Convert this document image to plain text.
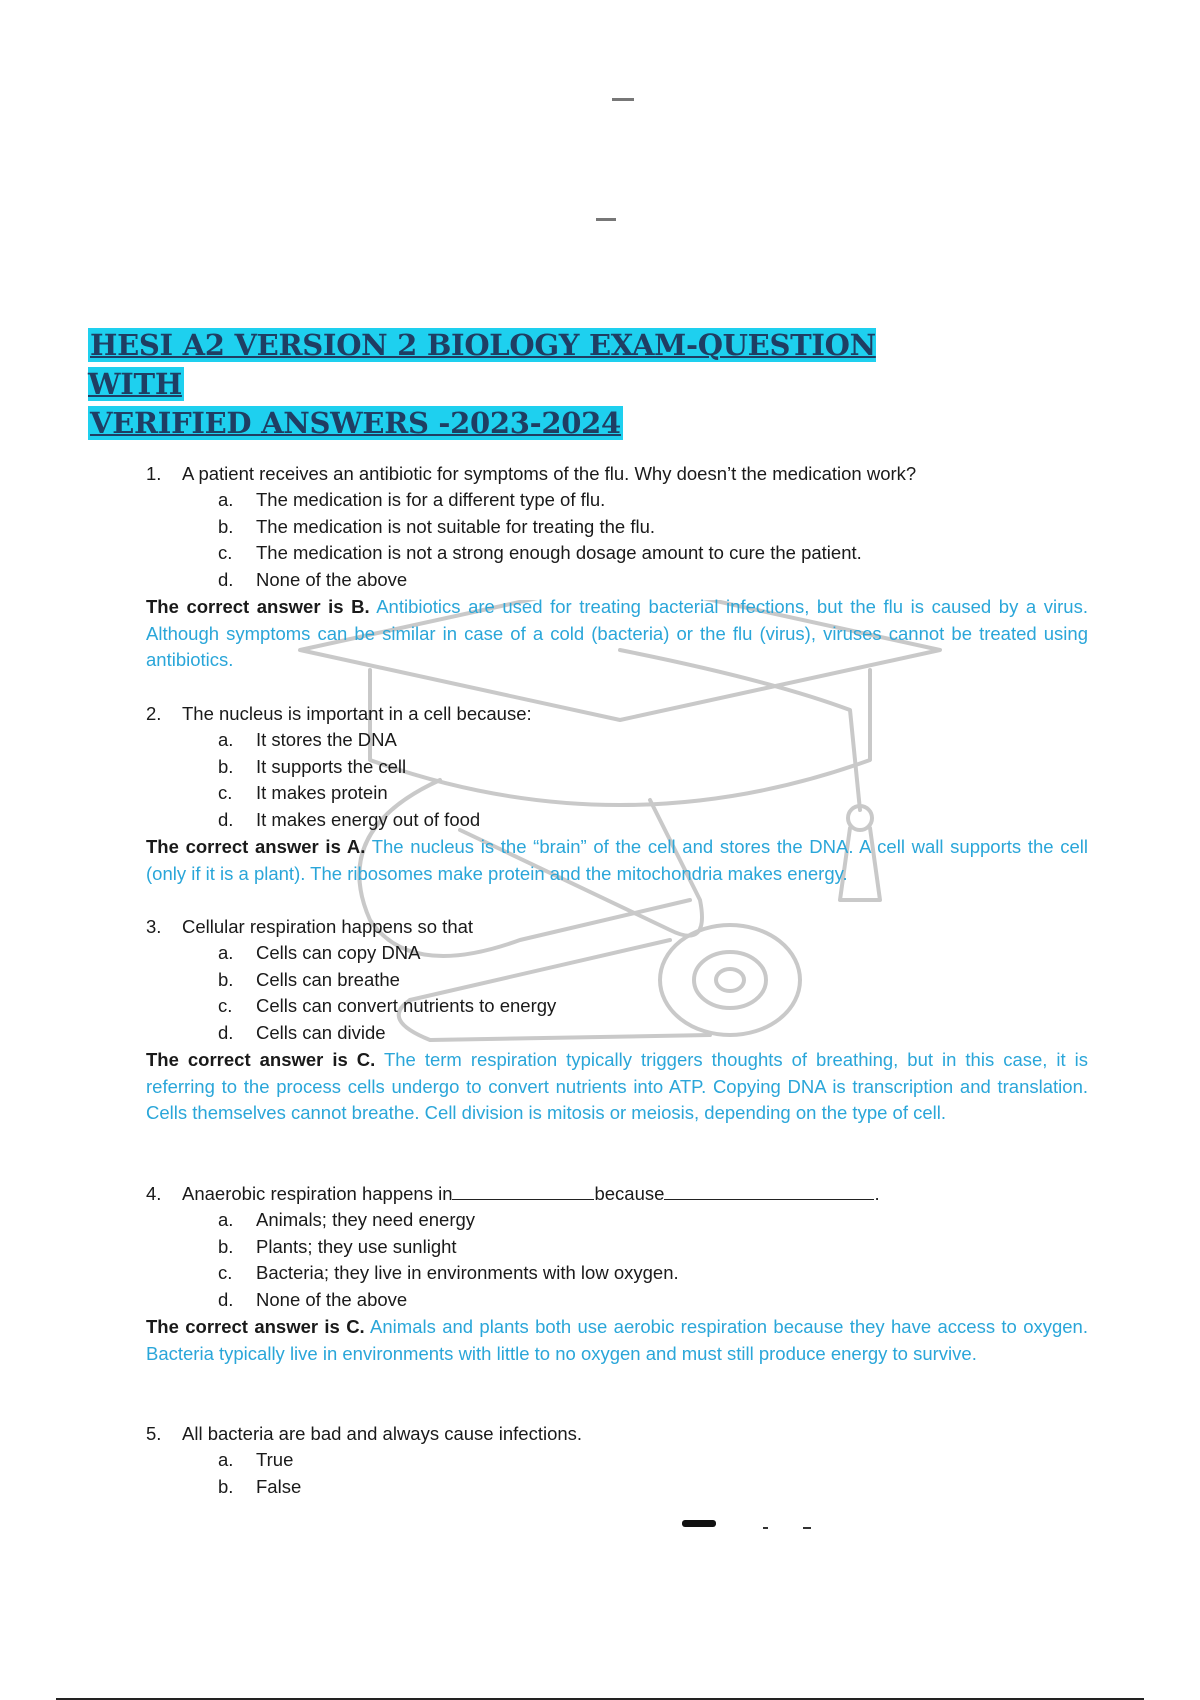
HESI A2 VERSION 2 BIOLOGY EXAM-QUESTION WITH
VERIFIED ANSWERS -2023-2024
1. A patient receives an antibiotic for symptoms of the flu. Why doesn’t the medication work?
a. The medication is for a different type of flu.
b. The medication is not suitable for treating the flu.
c. The medication is not a strong enough dosage amount to cure the patient.
d. None of the above
The correct answer is B. Antibiotics are used for treating bacterial infections, but the flu is caused by a virus. Although symptoms can be similar in case of a cold (bacteria) or the flu (virus), viruses cannot be treated using antibiotics.
2. The nucleus is important in a cell because:
a. It stores the DNA
b. It supports the cell
c. It makes protein
d. It makes energy out of food
The correct answer is A. The nucleus is the “brain” of the cell and stores the DNA. A cell wall supports the cell (only if it is a plant). The ribosomes make protein and the mitochondria makes energy.
3. Cellular respiration happens so that
a. Cells can copy DNA
b. Cells can breathe
c. Cells can convert nutrients to energy
d. Cells can divide
The correct answer is C. The term respiration typically triggers thoughts of breathing, but in this case, it is referring to the process cells undergo to convert nutrients into ATP. Copying DNA is transcription and translation. Cells themselves cannot breathe. Cell division is mitosis or meiosis, depending on the type of cell.
4. Anaerobic respiration happens in	because	.
a. Animals; they need energy
b. Plants; they use sunlight
c. Bacteria; they live in environments with low oxygen.
d. None of the above
The correct answer is C. Animals and plants both use aerobic respiration because they have access to oxygen. Bacteria typically live in environments with little to no oxygen and must still produce energy to survive.
5. All bacteria are bad and always cause infections.
a. True
b. False
